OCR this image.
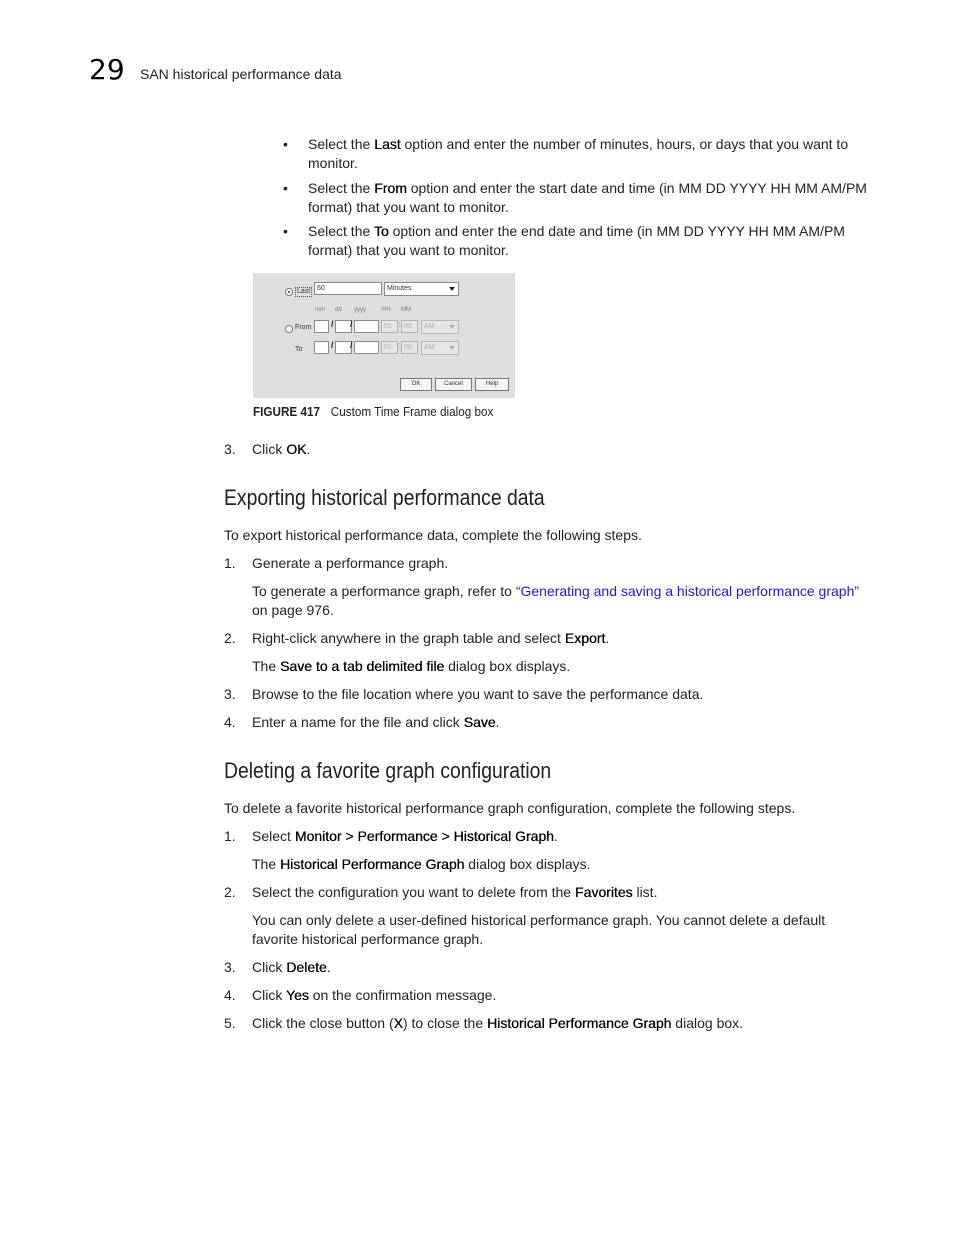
29 SAN historical performance data
• Select the Last option and enter the number of minutes, hours, or days that you want to monitor.
• Select the From option and enter the start date and time (in MM DD YYYY HH MM AM/PM format) that you want to monitor.
• Select the To option and enter the end date and time (in MM DD YYYY HH MM AM/PM format) that you want to monitor.
Last 60	Minutes
mm dd yyyy	HH MM
From / /	01 : 00	AM
To	/ /	01 : 00	AM
OK	Cancel	Help
FIGURE 417 Custom Time Frame dialog box
3. Click OK.
Exporting historical performance data
To export historical performance data, complete the following steps.
1. Generate a performance graph.
To generate a performance graph, refer to “Generating and saving a historical performance graph” on page 976.
2. Right-click anywhere in the graph table and select Export.
The Save to a tab delimited file dialog box displays.
3. Browse to the file location where you want to save the performance data.
4. Enter a name for the file and click Save.
Deleting a favorite graph configuration
To delete a favorite historical performance graph configuration, complete the following steps.
1. Select Monitor > Performance > Historical Graph.
The Historical Performance Graph dialog box displays.
2. Select the configuration you want to delete from the Favorites list.
You can only delete a user-defined historical performance graph. You cannot delete a default favorite historical performance graph.
3. Click Delete.
4. Click Yes on the confirmation message.
5. Click the close button (X) to close the Historical Performance Graph dialog box.
